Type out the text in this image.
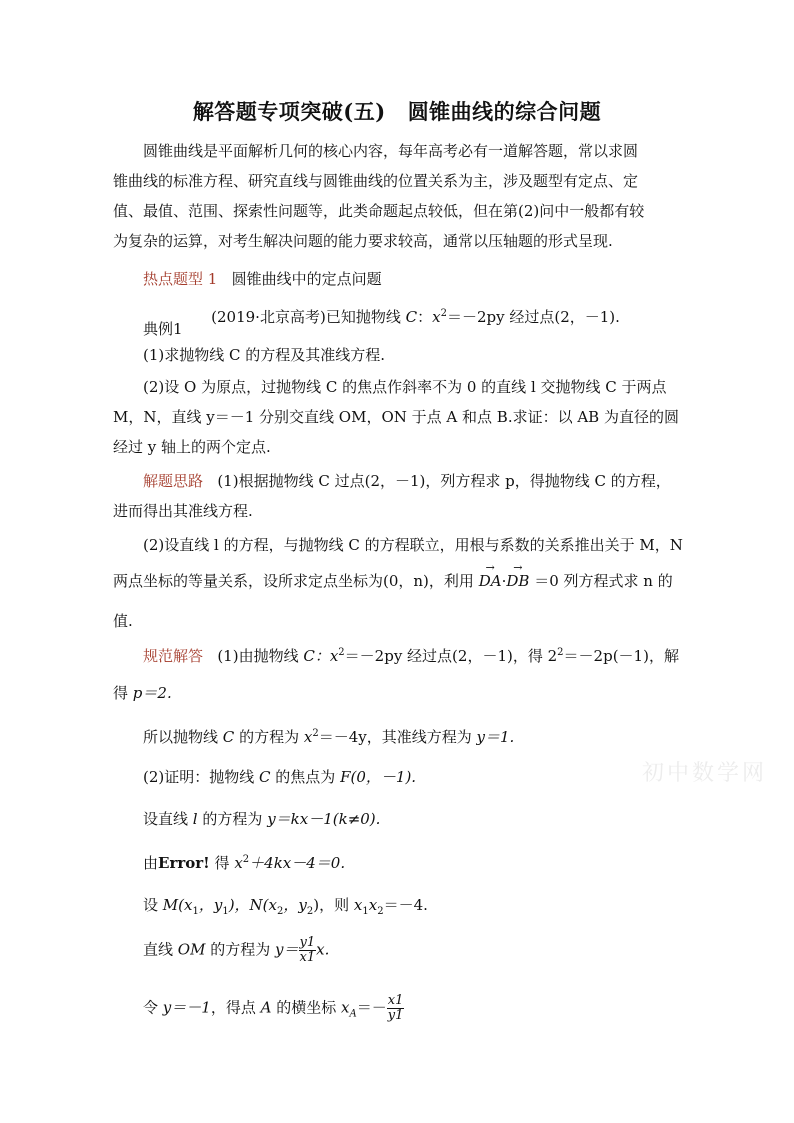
解答题专项突破(五) 圆锥曲线的综合问题
圆锥曲线是平面解析几何的核心内容，每年高考必有一道解答题，常以求圆
锥曲线的标准方程、研究直线与圆锥曲线的位置关系为主，涉及题型有定点、定
值、最值、范围、探索性问题等，此类命题起点较低，但在第(2)问中一般都有较
为复杂的运算，对考生解决问题的能力要求较高，通常以压轴题的形式呈现.
热点题型 1 圆锥曲线中的定点问题
典例1      (2019·北京高考)已知抛物线 C：$x^2=-2py$ 经过点(2，－1).
(1)求抛物线 C 的方程及其准线方程.
(2)设 O 为原点，过抛物线 C 的焦点作斜率不为 0 的直线 l 交抛物线 C 于两点
M，N，直线 y＝－1 分别交直线 OM，ON 于点 A 和点 B.求证：以 AB 为直径的圆
经过 y 轴上的两个定点.
解题思路 (1)根据抛物线 C 过点(2，－1)，列方程求 p，得抛物线 C 的方程，
进而得出其准线方程.
(2)设直线 l 的方程，与抛物线 C 的方程联立，用根与系数的关系推出关于 M，N
两点坐标的等量关系，设所求定点坐标为(0，n)，利用 → DA·→ DB ＝0 列方程式求 n 的
值.
规范解答 (1)由抛物线 C：$x^2=-2py$ 经过点(2，－1)，得 $2^2=-2p(-1)$，解
得 p＝2.
所以抛物线 C 的方程为 $x^2=-4y$，其准线方程为 y＝1.
(2)证明：抛物线 C 的焦点为 F(0，－1).
设直线 l 的方程为 y＝kx－1(k≠0).
由Error! 得 $x^2+4kx-4=0$.
设 $M(x_1$，$y_1$)，$N(x_2$，$y_2$)，则 $x_1x_2=-4$.
直线 OM 的方程为 $y= \frac{y1}{x1} x$.
令 y＝－1，得点 A 的横坐标 $x_A=- \frac{x1}{y1}$
初中数学网
